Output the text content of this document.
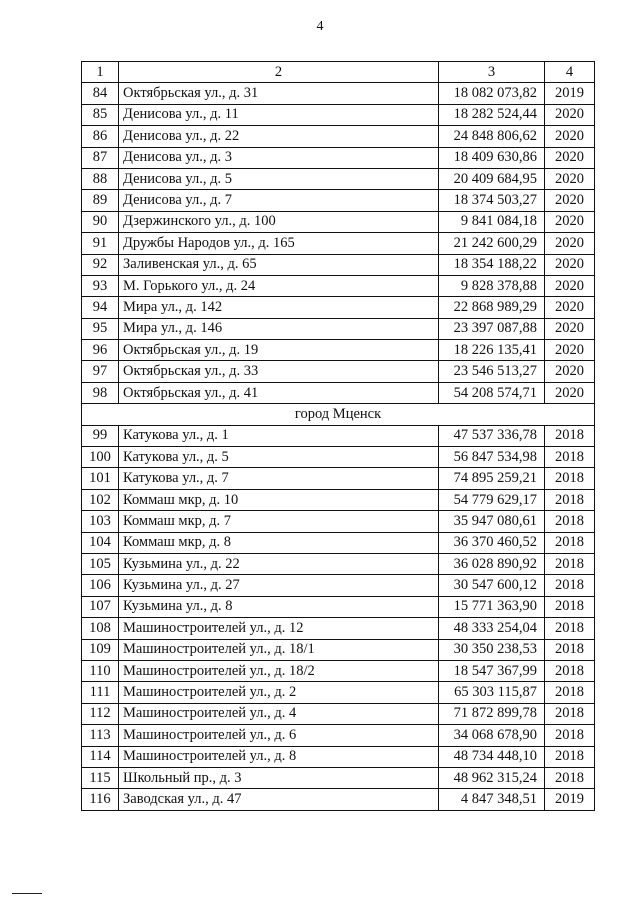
4
1	2	3	4
84	Октябрьская ул., д. 31	18 082 073,82	2019
85	Денисова ул., д. 11	18 282 524,44	2020
86	Денисова ул., д. 22	24 848 806,62	2020
87	Денисова ул., д. 3	18 409 630,86	2020
88	Денисова ул., д. 5	20 409 684,95	2020
89	Денисова ул., д. 7	18 374 503,27	2020
90	Дзержинского ул., д. 100	9 841 084,18	2020
91	Дружбы Народов ул., д. 165	21 242 600,29	2020
92	Заливенская ул., д. 65	18 354 188,22	2020
93	М. Горького ул., д. 24	9 828 378,88	2020
94	Мира ул., д. 142	22 868 989,29	2020
95	Мира ул., д. 146	23 397 087,88	2020
96	Октябрьская ул., д. 19	18 226 135,41	2020
97	Октябрьская ул., д. 33	23 546 513,27	2020
98	Октябрьская ул., д. 41	54 208 574,71	2020
город Мценск			
99	Катукова ул., д. 1	47 537 336,78	2018
100	Катукова ул., д. 5	56 847 534,98	2018
101	Катукова ул., д. 7	74 895 259,21	2018
102	Коммаш мкр, д. 10	54 779 629,17	2018
103	Коммаш мкр, д. 7	35 947 080,61	2018
104	Коммаш мкр, д. 8	36 370 460,52	2018
105	Кузьмина ул., д. 22	36 028 890,92	2018
106	Кузьмина ул., д. 27	30 547 600,12	2018
107	Кузьмина ул., д. 8	15 771 363,90	2018
108	Машиностроителей ул., д. 12	48 333 254,04	2018
109	Машиностроителей ул., д. 18/1	30 350 238,53	2018
110	Машиностроителей ул., д. 18/2	18 547 367,99	2018
111	Машиностроителей ул., д. 2	65 303 115,87	2018
112	Машиностроителей ул., д. 4	71 872 899,78	2018
113	Машиностроителей ул., д. 6	34 068 678,90	2018
114	Машиностроителей ул., д. 8	48 734 448,10	2018
115	Школьный пр., д. 3	48 962 315,24	2018
116	Заводская ул., д. 47	4 847 348,51	2019
